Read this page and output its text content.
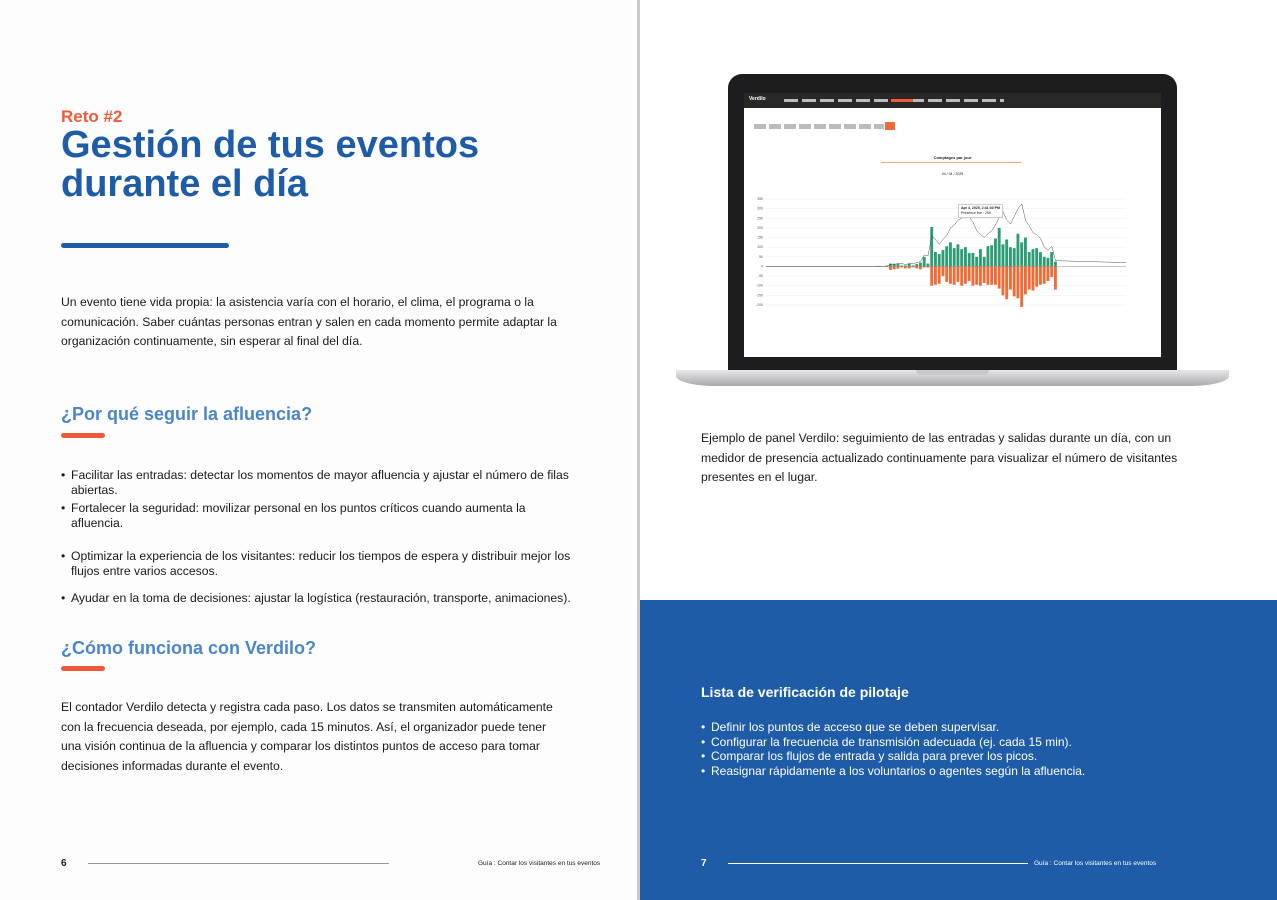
Reto #2
Gestión de tus eventos durante el día

Un evento tiene vida propia: la asistencia varía con el horario, el clima, el programa o la comunicación. Saber cuántas personas entran y salen en cada momento permite adaptar la organización continuamente, sin esperar al final del día.

¿Por qué seguir la afluencia?
• Facilitar las entradas: detectar los momentos de mayor afluencia y ajustar el número de filas abiertas.
• Fortalecer la seguridad: movilizar personal en los puntos críticos cuando aumenta la afluencia.
• Optimizar la experiencia de los visitantes: reducir los tiempos de espera y distribuir mejor los flujos entre varios accesos.
• Ayudar en la toma de decisiones: ajustar la logística (restauración, transporte, animaciones).
¿Cómo funciona con Verdilo?

El contador Verdilo detecta y registra cada paso. Los datos se transmiten automáticamente con la frecuencia deseada, por ejemplo, cada 15 minutos. Así, el organizador puede tener una visión continua de la afluencia y comparar los distintos puntos de acceso para tomar decisiones informadas durante el evento.

6	Guía : Contar los visitantes en tus eventos
Verdilo
Comptages par jour
04 / 04 / 2025
350
300
250
200
150
100
50
0
-50
-100
-150
-200
Apr 4, 2025, 2:41:30 PM
Présence live : 259

Ejemplo de panel Verdilo: seguimiento de las entradas y salidas durante un día, con un medidor de presencia actualizado continuamente para visualizar el número de visitantes presentes en el lugar.

Lista de verificación de pilotaje
• Definir los puntos de acceso que se deben supervisar.
• Configurar la frecuencia de transmisión adecuada (ej. cada 15 min).
• Comparar los flujos de entrada y salida para prever los picos.
• Reasignar rápidamente a los voluntarios o agentes según la afluencia.
7	Guía : Contar los visitantes en tus eventos
